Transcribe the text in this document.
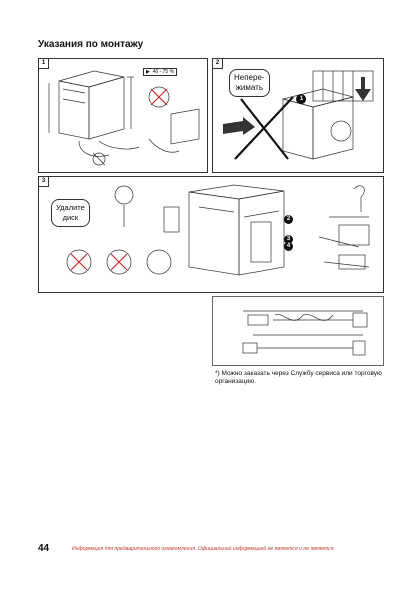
Указания по монтажу
1
▶  46 - 75 %
2
Непере-
жимать
1
3
Удалите
диск	2
3
4
*) Можно заказать через Службу сервиса или торговую организацию.
44	Информация для предварительного ознакомления. Официальной информацией не является и не является.
